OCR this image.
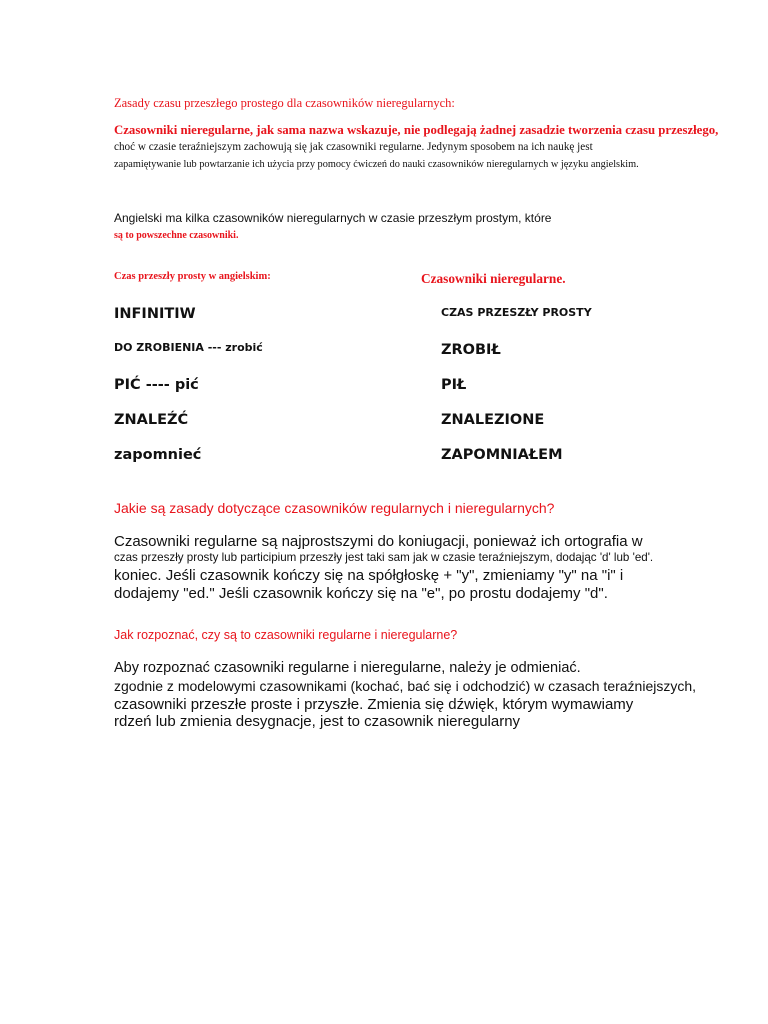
Zasady czasu przeszłego prostego dla czasowników nieregularnych:
Czasowniki nieregularne, jak sama nazwa wskazuje, nie podlegają żadnej zasadzie tworzenia czasu przeszłego,
choć w czasie teraźniejszym zachowują się jak czasowniki regularne. Jedynym sposobem na ich naukę jest
zapamiętywanie lub powtarzanie ich użycia przy pomocy ćwiczeń do nauki czasowników nieregularnych w języku angielskim.
Angielski ma kilka czasowników nieregularnych w czasie przeszłym prostym, które
są to powszechne czasowniki.
Czas przeszły prosty w angielskim:	Czasowniki nieregularne.
INFINITIW	CZAS PRZESZŁY PROSTY
DO ZROBIENIA --- zrobić	ZROBIŁ
PIĆ ---- pić	PIŁ
ZNALEŹĆ	ZNALEZIONE
zapomnieć	ZAPOMNIAŁEM
Jakie są zasady dotyczące czasowników regularnych i nieregularnych?
Czasowniki regularne są najprostszymi do koniugacji, ponieważ ich ortografia w
czas przeszły prosty lub participium przeszły jest taki sam jak w czasie teraźniejszym, dodając 'd' lub 'ed'.
koniec. Jeśli czasownik kończy się na spółgłoskę + "y", zmieniamy "y" na "i" i
dodajemy "ed." Jeśli czasownik kończy się na "e", po prostu dodajemy "d".
Jak rozpoznać, czy są to czasowniki regularne i nieregularne?
Aby rozpoznać czasowniki regularne i nieregularne, należy je odmieniać.
zgodnie z modelowymi czasownikami (kochać, bać się i odchodzić) w czasach teraźniejszych,
czasowniki przeszłe proste i przyszłe. Zmienia się dźwięk, którym wymawiamy
rdzeń lub zmienia desygnacje, jest to czasownik nieregularny
